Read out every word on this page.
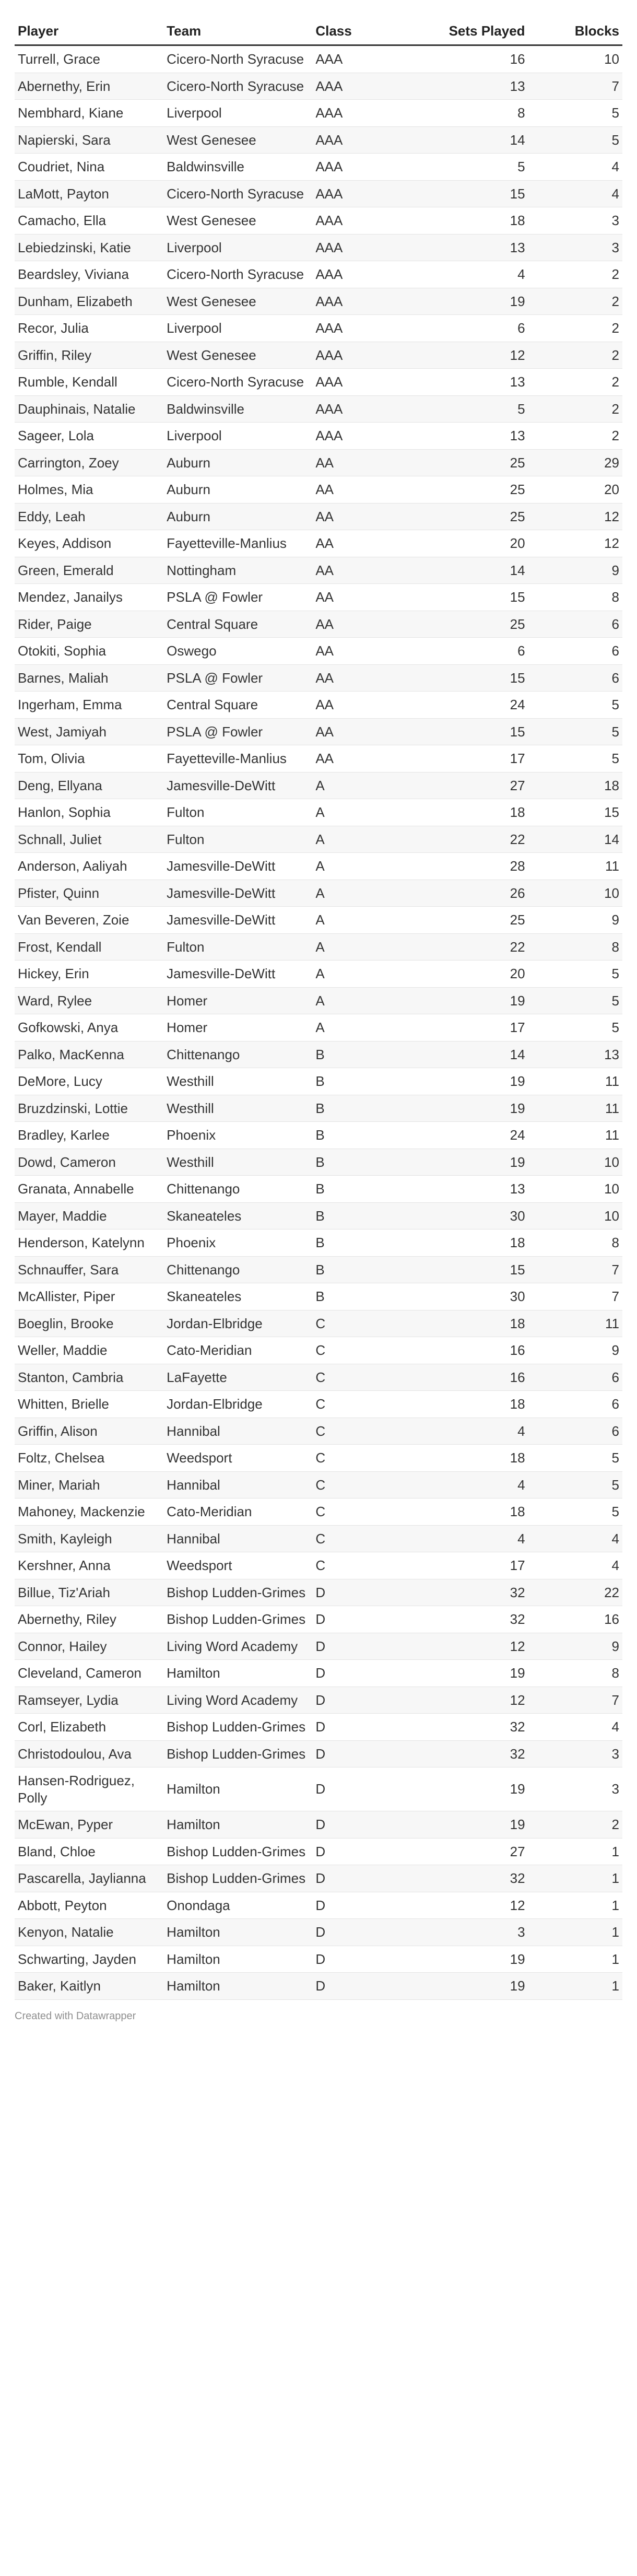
Player	Team	Class	Sets Played	Blocks
Turrell, Grace	Cicero-North Syracuse	AAA	16	10
Abernethy, Erin	Cicero-North Syracuse	AAA	13	7
Nembhard, Kiane	Liverpool	AAA	8	5
Napierski, Sara	West Genesee	AAA	14	5
Coudriet, Nina	Baldwinsville	AAA	5	4
LaMott, Payton	Cicero-North Syracuse	AAA	15	4
Camacho, Ella	West Genesee	AAA	18	3
Lebiedzinski, Katie	Liverpool	AAA	13	3
Beardsley, Viviana	Cicero-North Syracuse	AAA	4	2
Dunham, Elizabeth	West Genesee	AAA	19	2
Recor, Julia	Liverpool	AAA	6	2
Griffin, Riley	West Genesee	AAA	12	2
Rumble, Kendall	Cicero-North Syracuse	AAA	13	2
Dauphinais, Natalie	Baldwinsville	AAA	5	2
Sageer, Lola	Liverpool	AAA	13	2
Carrington, Zoey	Auburn	AA	25	29
Holmes, Mia	Auburn	AA	25	20
Eddy, Leah	Auburn	AA	25	12
Keyes, Addison	Fayetteville-Manlius	AA	20	12
Green, Emerald	Nottingham	AA	14	9
Mendez, Janailys	PSLA @ Fowler	AA	15	8
Rider, Paige	Central Square	AA	25	6
Otokiti, Sophia	Oswego	AA	6	6
Barnes, Maliah	PSLA @ Fowler	AA	15	6
Ingerham, Emma	Central Square	AA	24	5
West, Jamiyah	PSLA @ Fowler	AA	15	5
Tom, Olivia	Fayetteville-Manlius	AA	17	5
Deng, Ellyana	Jamesville-DeWitt	A	27	18
Hanlon, Sophia	Fulton	A	18	15
Schnall, Juliet	Fulton	A	22	14
Anderson, Aaliyah	Jamesville-DeWitt	A	28	11
Pfister, Quinn	Jamesville-DeWitt	A	26	10
Van Beveren, Zoie	Jamesville-DeWitt	A	25	9
Frost, Kendall	Fulton	A	22	8
Hickey, Erin	Jamesville-DeWitt	A	20	5
Ward, Rylee	Homer	A	19	5
Gofkowski, Anya	Homer	A	17	5
Palko, MacKenna	Chittenango	B	14	13
DeMore, Lucy	Westhill	B	19	11
Bruzdzinski, Lottie	Westhill	B	19	11
Bradley, Karlee	Phoenix	B	24	11
Dowd, Cameron	Westhill	B	19	10
Granata, Annabelle	Chittenango	B	13	10
Mayer, Maddie	Skaneateles	B	30	10
Henderson, Katelynn	Phoenix	B	18	8
Schnauffer, Sara	Chittenango	B	15	7
McAllister, Piper	Skaneateles	B	30	7
Boeglin, Brooke	Jordan-Elbridge	C	18	11
Weller, Maddie	Cato-Meridian	C	16	9
Stanton, Cambria	LaFayette	C	16	6
Whitten, Brielle	Jordan-Elbridge	C	18	6
Griffin, Alison	Hannibal	C	4	6
Foltz, Chelsea	Weedsport	C	18	5
Miner, Mariah	Hannibal	C	4	5
Mahoney, Mackenzie	Cato-Meridian	C	18	5
Smith, Kayleigh	Hannibal	C	4	4
Kershner, Anna	Weedsport	C	17	4
Billue, Tiz'Ariah	Bishop Ludden-Grimes	D	32	22
Abernethy, Riley	Bishop Ludden-Grimes	D	32	16
Connor, Hailey	Living Word Academy	D	12	9
Cleveland, Cameron	Hamilton	D	19	8
Ramseyer, Lydia	Living Word Academy	D	12	7
Corl, Elizabeth	Bishop Ludden-Grimes	D	32	4
Christodoulou, Ava	Bishop Ludden-Grimes	D	32	3
Hansen-Rodriguez, Polly	Hamilton	D	19	3
McEwan, Pyper	Hamilton	D	19	2
Bland, Chloe	Bishop Ludden-Grimes	D	27	1
Pascarella, Jaylianna	Bishop Ludden-Grimes	D	32	1
Abbott, Peyton	Onondaga	D	12	1
Kenyon, Natalie	Hamilton	D	3	1
Schwarting, Jayden	Hamilton	D	19	1
Baker, Kaitlyn	Hamilton	D	19	1
Created with Datawrapper
